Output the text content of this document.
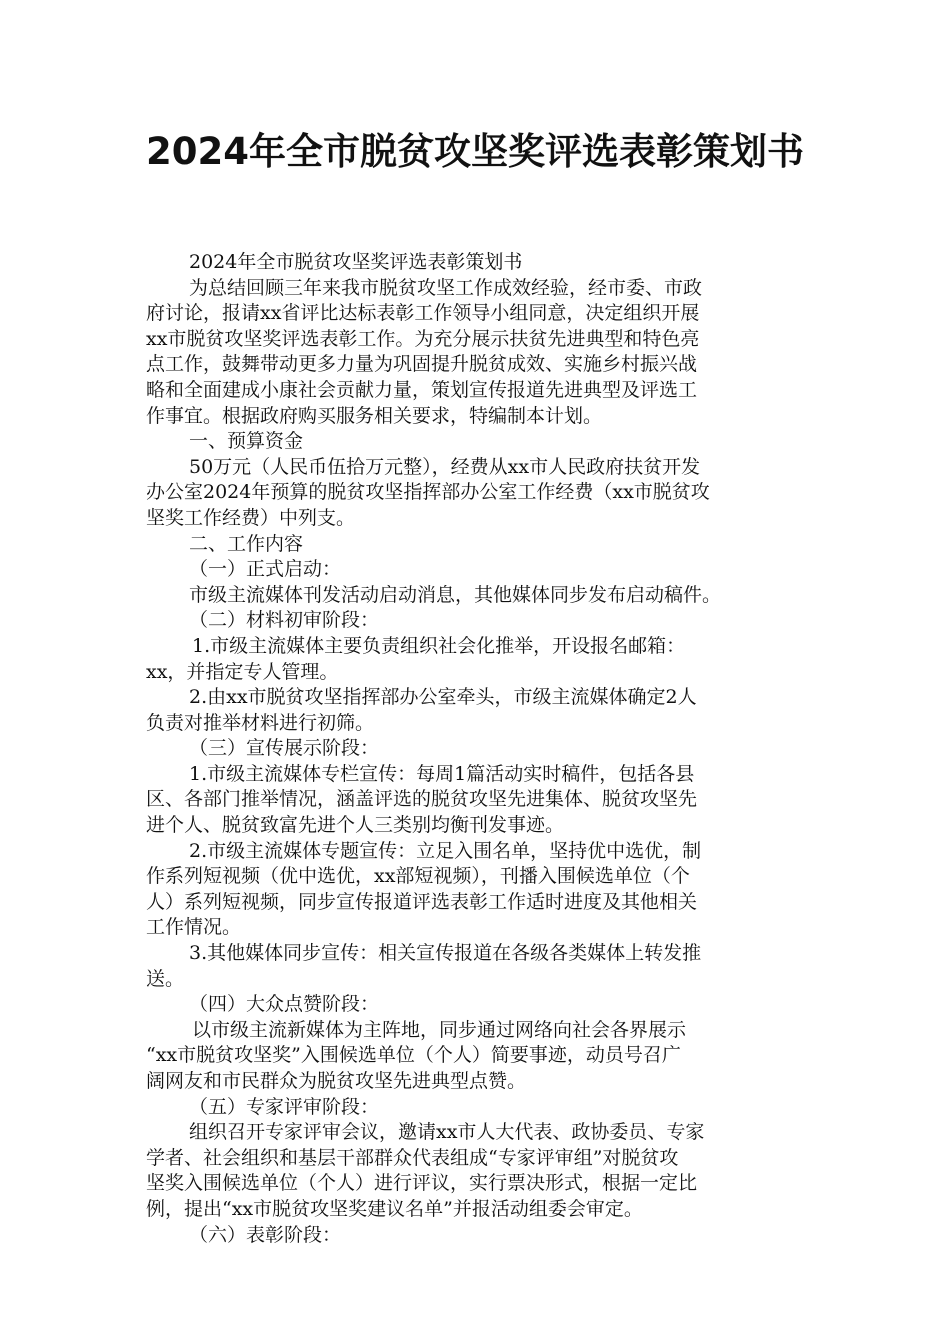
2024年全市脱贫攻坚奖评选表彰策划书
2024年全市脱贫攻坚奖评选表彰策划书
为总结回顾三年来我市脱贫攻坚工作成效经验，经市委、市政
府讨论，报请xx省评比达标表彰工作领导小组同意，决定组织开展
xx市脱贫攻坚奖评选表彰工作。为充分展示扶贫先进典型和特色亮
点工作，鼓舞带动更多力量为巩固提升脱贫成效、实施乡村振兴战
略和全面建成小康社会贡献力量，策划宣传报道先进典型及评选工
作事宜。根据政府购买服务相关要求，特编制本计划。
一、预算资金
50万元（人民币伍拾万元整），经费从xx市人民政府扶贫开发
办公室2024年预算的脱贫攻坚指挥部办公室工作经费（xx市脱贫攻
坚奖工作经费）中列支。
二、工作内容
（一）正式启动：
市级主流媒体刊发活动启动消息，其他媒体同步发布启动稿件。
（二）材料初审阶段：
1.市级主流媒体主要负责组织社会化推举，开设报名邮箱：
xx，并指定专人管理。
2.由xx市脱贫攻坚指挥部办公室牵头，市级主流媒体确定2人
负责对推举材料进行初筛。
（三）宣传展示阶段：
1.市级主流媒体专栏宣传：每周1篇活动实时稿件，包括各县
区、各部门推举情况，涵盖评选的脱贫攻坚先进集体、脱贫攻坚先
进个人、脱贫致富先进个人三类别均衡刊发事迹。
2.市级主流媒体专题宣传：立足入围名单，坚持优中选优，制
作系列短视频（优中选优，xx部短视频），刊播入围候选单位（个
人）系列短视频，同步宣传报道评选表彰工作适时进度及其他相关
工作情况。
3.其他媒体同步宣传：相关宣传报道在各级各类媒体上转发推
送。
（四）大众点赞阶段：
以市级主流新媒体为主阵地，同步通过网络向社会各界展示
“xx市脱贫攻坚奖”入围候选单位（个人）简要事迹，动员号召广
阔网友和市民群众为脱贫攻坚先进典型点赞。
（五）专家评审阶段：
组织召开专家评审会议，邀请xx市人大代表、政协委员、专家
学者、社会组织和基层干部群众代表组成“专家评审组”对脱贫攻
坚奖入围候选单位（个人）进行评议，实行票决形式，根据一定比
例，提出“xx市脱贫攻坚奖建议名单”并报活动组委会审定。
（六）表彰阶段：
